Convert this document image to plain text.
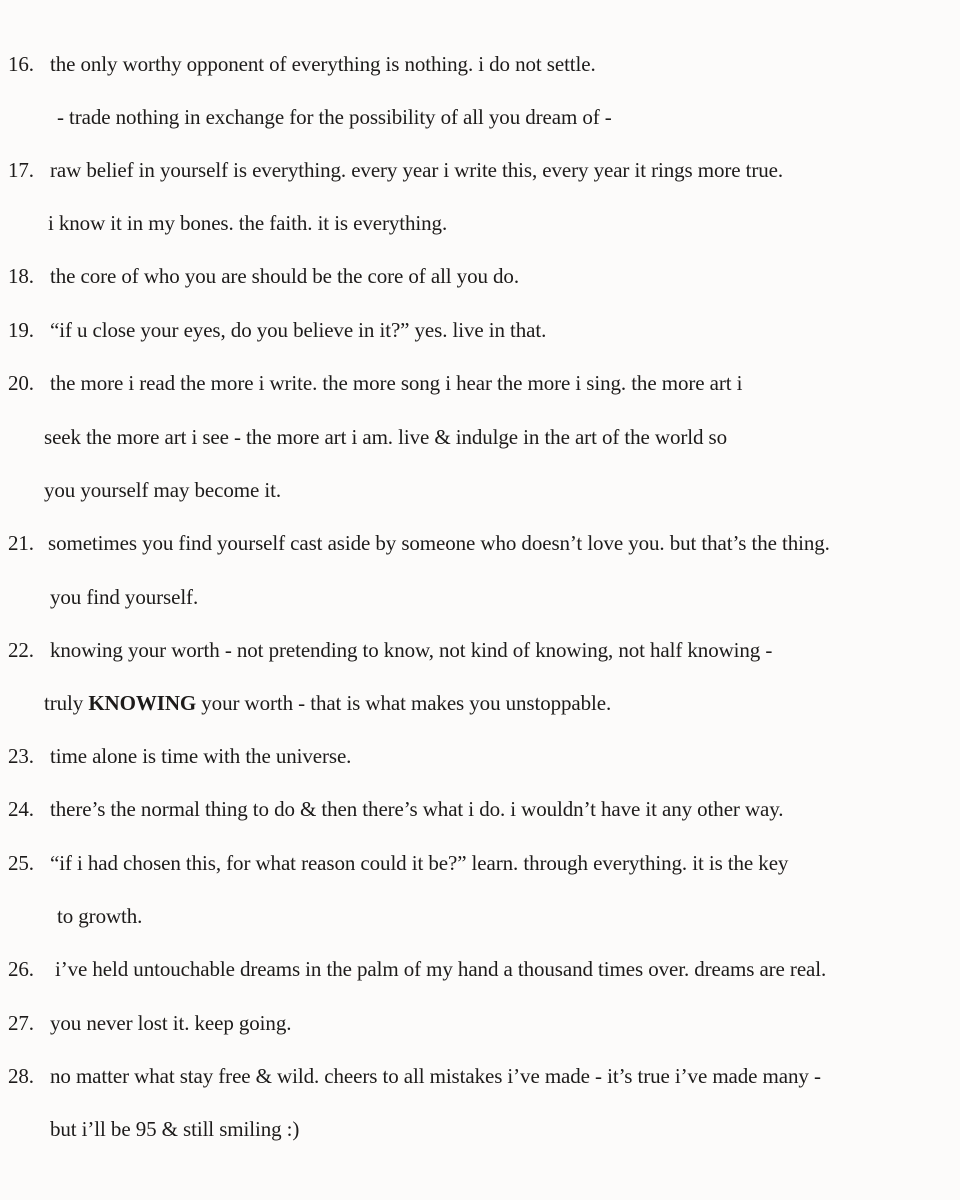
16. the only worthy opponent of everything is nothing. i do not settle.
- trade nothing in exchange for the possibility of all you dream of -
17. raw belief in yourself is everything. every year i write this, every year it rings more true.
i know it in my bones. the faith. it is everything.
18. the core of who you are should be the core of all you do.
19. “if u close your eyes, do you believe in it?” yes. live in that.
20. the more i read the more i write. the more song i hear the more i sing. the more art i
seek the more art i see - the more art i am. live & indulge in the art of the world so
you yourself may become it.
21. sometimes you find yourself cast aside by someone who doesn’t love you. but that’s the thing.
you find yourself.
22. knowing your worth - not pretending to know, not kind of knowing, not half knowing -
truly KNOWING your worth - that is what makes you unstoppable.
23. time alone is time with the universe.
24. there’s the normal thing to do & then there’s what i do. i wouldn’t have it any other way.
25. “if i had chosen this, for what reason could it be?” learn. through everything. it is the key
to growth.
26. i’ve held untouchable dreams in the palm of my hand a thousand times over. dreams are real.
27. you never lost it. keep going.
28. no matter what stay free & wild. cheers to all mistakes i’ve made - it’s true i’ve made many -
but i’ll be 95 & still smiling :)
